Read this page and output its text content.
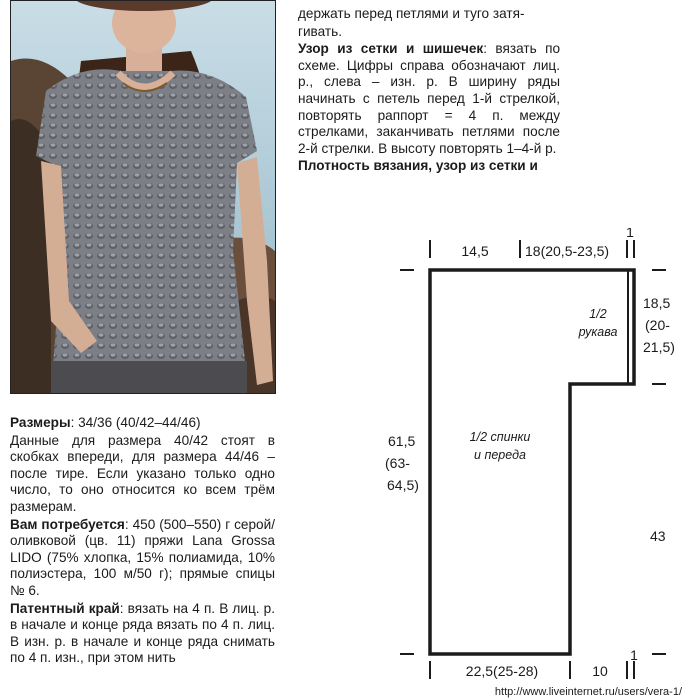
держать перед петлями и туго затя-

гивать.

Узор из сетки и шишечек: вязать по схеме. Цифры справа обозначают лиц. р., слева – изн. р. В ширину ряды начинать с петель перед 1-й стрелкой, повторять раппорт = 4 п. между стрелками, заканчивать петлями после 2-й стрелки. В высоту повторять 1–4-й р.

Плотность вязания, узор из сетки и

Размеры: 34/36 (40/42–44/46)

Данные для размера 40/42 стоят в скобках впереди, для размера 44/46 – после тире. Если указано только одно число, то оно относится ко всем трём размерам.

Вам потребуется: 450 (500–550) г серой/оливковой (цв. 11) пряжи Lana Grossa LIDO (75% хлопка, 15% полиамида, 10% полиэстера, 100 м/50 г); прямые спицы № 6.

Патентный край: вязать на 4 п. В лиц. р. в начале и конце ряда вязать по 4 п. лиц. В изн. р. в начале и конце ряда снимать по 4 п. изн., при этом нить

14,5	18(20,5-23,5)
1
18,5
(20-
21,5)
61,5
(63-
64,5)
43
22,5(25-28)	10
1
1/2
рукава
1/2 спинки
и переда
http://www.liveinternet.ru/users/vera-1/
